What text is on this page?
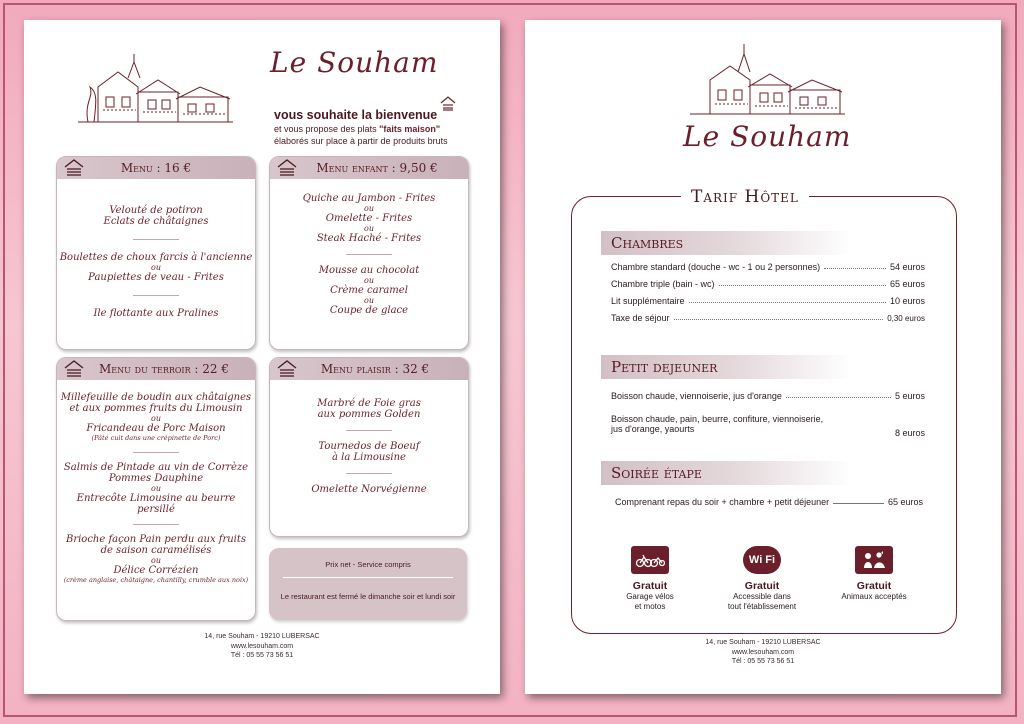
Le Souham
vous souhaite la bienvenue
et vous propose des plats "faits maison"
élaborés sur place à partir de produits bruts
Menu : 16 €
Velouté de potiron
Eclats de châtaignes
Boulettes de choux farcis à l'ancienne
ou
Paupiettes de veau - Frites
Ile flottante aux Pralines
Menu enfant : 9,50 €
Quiche au Jambon - Frites
ou
Omelette - Frites
ou
Steak Haché - Frites
Mousse au chocolat
ou
Crème caramel
ou
Coupe de glace
Menu du terroir : 22 €
Millefeuille de boudin aux châtaignes
et aux pommes fruits du Limousin
ou
Fricandeau de Porc Maison
(Pâté cuit dans une crépinette de Porc)
Salmis de Pintade au vin de Corrèze
Pommes Dauphine
ou
Entrecôte Limousine au beurre persillé
Brioche façon Pain perdu aux fruits
de saison caramélisés
ou
Délice Corrézien
(crème anglaise, châtaigne, chantilly, crumble aux noix)
Menu plaisir : 32 €
Marbré de Foie gras
aux pommes Golden
Tournedos de Boeuf
à la Limousine
Omelette Norvégienne
Prix net - Service compris
Le restaurant est fermé le dimanche soir et lundi soir
14, rue Souham - 19210 LUBERSAC
www.lesouham.com
Tél : 05 55 73 56 51
Le Souham
Tarif Hôtel
Chambres
Chambre standard (douche - wc - 1 ou 2 personnes)	54 euros
Chambre triple (bain - wc)	65 euros
Lit supplémentaire	10 euros
Taxe de séjour	0,30 euros
Petit dejeuner
Boisson chaude, viennoiserie, jus d'orange	5 euros
Boisson chaude, pain, beurre, confiture, viennoiserie,
jus d'orange, yaourts	8 euros
Soirée étape
Comprenant repas du soir + chambre + petit déjeuner	65 euros
Gratuit
Garage vélos
et motos
Wi Fi
Gratuit
Accessible dans
tout l'établissement
Gratuit
Animaux acceptés
14, rue Souham - 19210 LUBERSAC
www.lesouham.com
Tél : 05 55 73 56 51
